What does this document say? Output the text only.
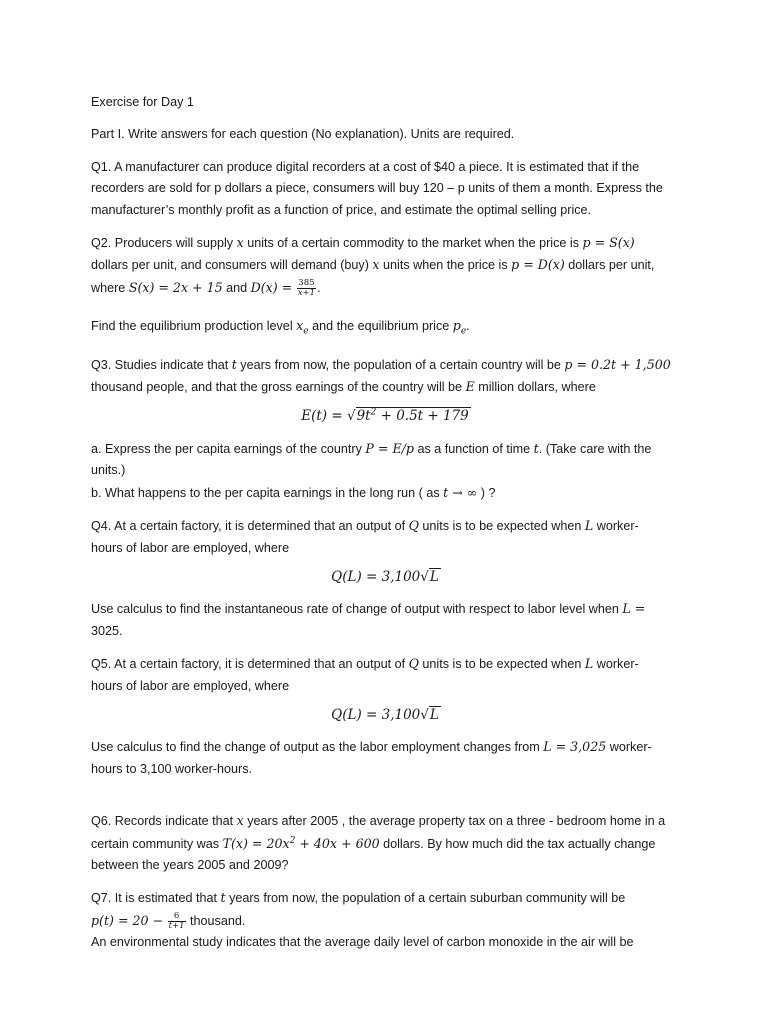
Exercise for Day 1
Part I. Write answers for each question (No explanation). Units are required.
Q1. A manufacturer can produce digital recorders at a cost of $40 a piece. It is estimated that if the
recorders are sold for p dollars a piece, consumers will buy 120 – p units of them a month. Express the
manufacturer’s monthly profit as a function of price, and estimate the optimal selling price.
Q2. Producers will supply x units of a certain commodity to the market when the price is p = S(x)
dollars per unit, and consumers will demand (buy) x units when the price is p = D(x) dollars per unit,
where S(x) = 2x + 15 and $D(x) = \frac{385}{x+1}$ .
Find the equilibrium production level $x_e$ and the equilibrium price $p_e$.
Q3. Studies indicate that t years from now, the population of a certain country will be p = 0.2t + 1,500
thousand people, and that the gross earnings of the country will be E million dollars, where
$E(t) = √9t^2 + 0.5t + 179$
a. Express the per capita earnings of the country P = E/p as a function of time t. (Take care with the
units.)
b. What happens to the per capita earnings in the long run ( as t → ∞ ) ?
Q4. At a certain factory, it is determined that an output of Q units is to be expected when L worker-
hours of labor are employed, where
Q(L) = 3,100√L
Use calculus to find the instantaneous rate of change of output with respect to labor level when L =
3025.
Q5. At a certain factory, it is determined that an output of Q units is to be expected when L worker-
hours of labor are employed, where
Q(L) = 3,100√L
Use calculus to find the change of output as the labor employment changes from L = 3,025 worker-
hours to 3,100 worker-hours.
Q6. Records indicate that x years after 2005 , the average property tax on a three - bedroom home in a
certain community was $T(x) = 20x^2 + 40x + 600$ dollars. By how much did the tax actually change
between the years 2005 and 2009?
Q7. It is estimated that t years from now, the population of a certain suburban community will be
$p(t) = 20 - \frac{6}{t+1}$ thousand.
An environmental study indicates that the average daily level of carbon monoxide in the air will be
